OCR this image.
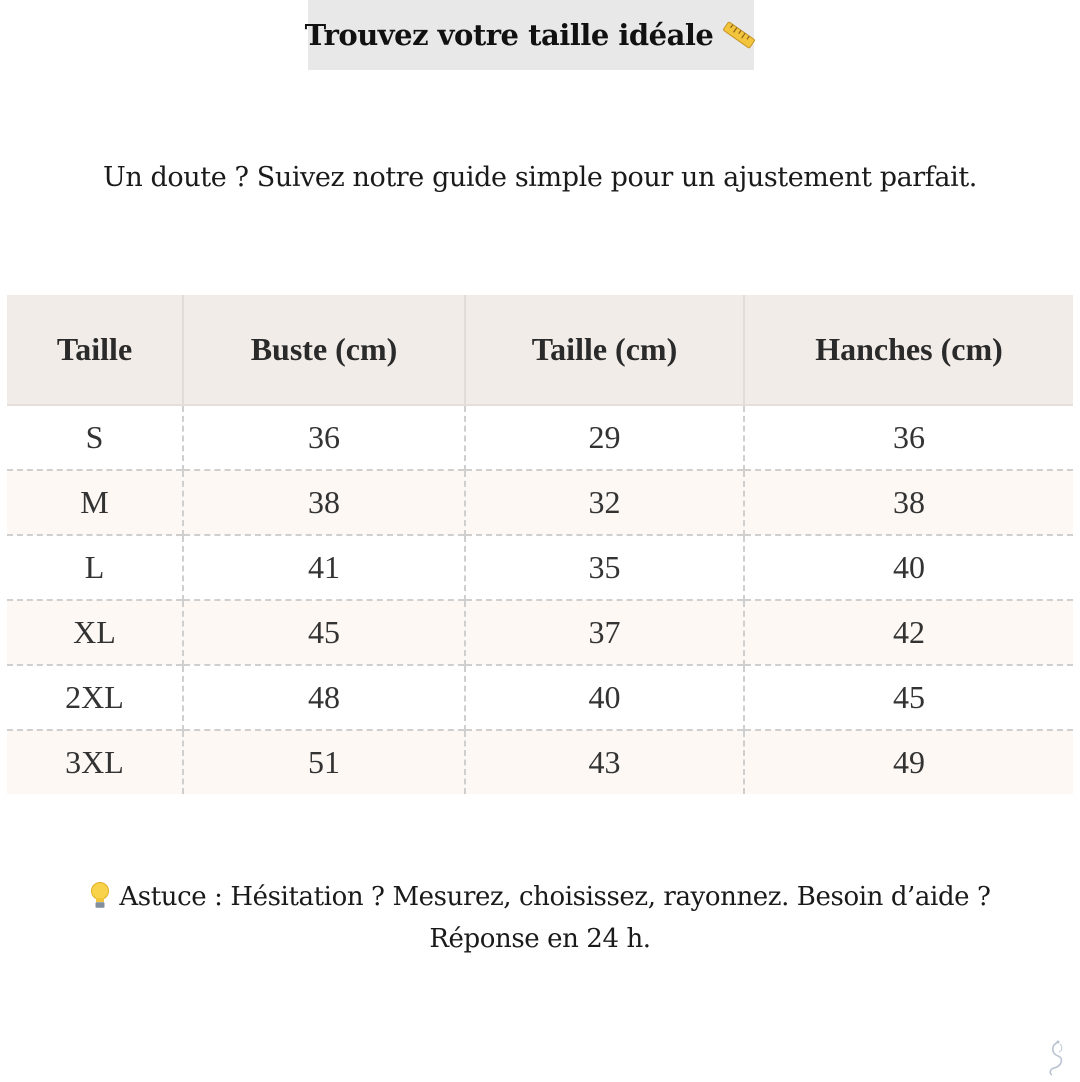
Trouvez votre taille idéale
Un doute ? Suivez notre guide simple pour un ajustement parfait.
Taille	Buste (cm)	Taille (cm)	Hanches (cm)
S	36	29	36
M	38	32	38
L	41	35	40
XL	45	37	42
2XL	48	40	45
3XL	51	43	49
Astuce : Hésitation ? Mesurez, choisissez, rayonnez. Besoin d’aide ?
Réponse en 24 h.
